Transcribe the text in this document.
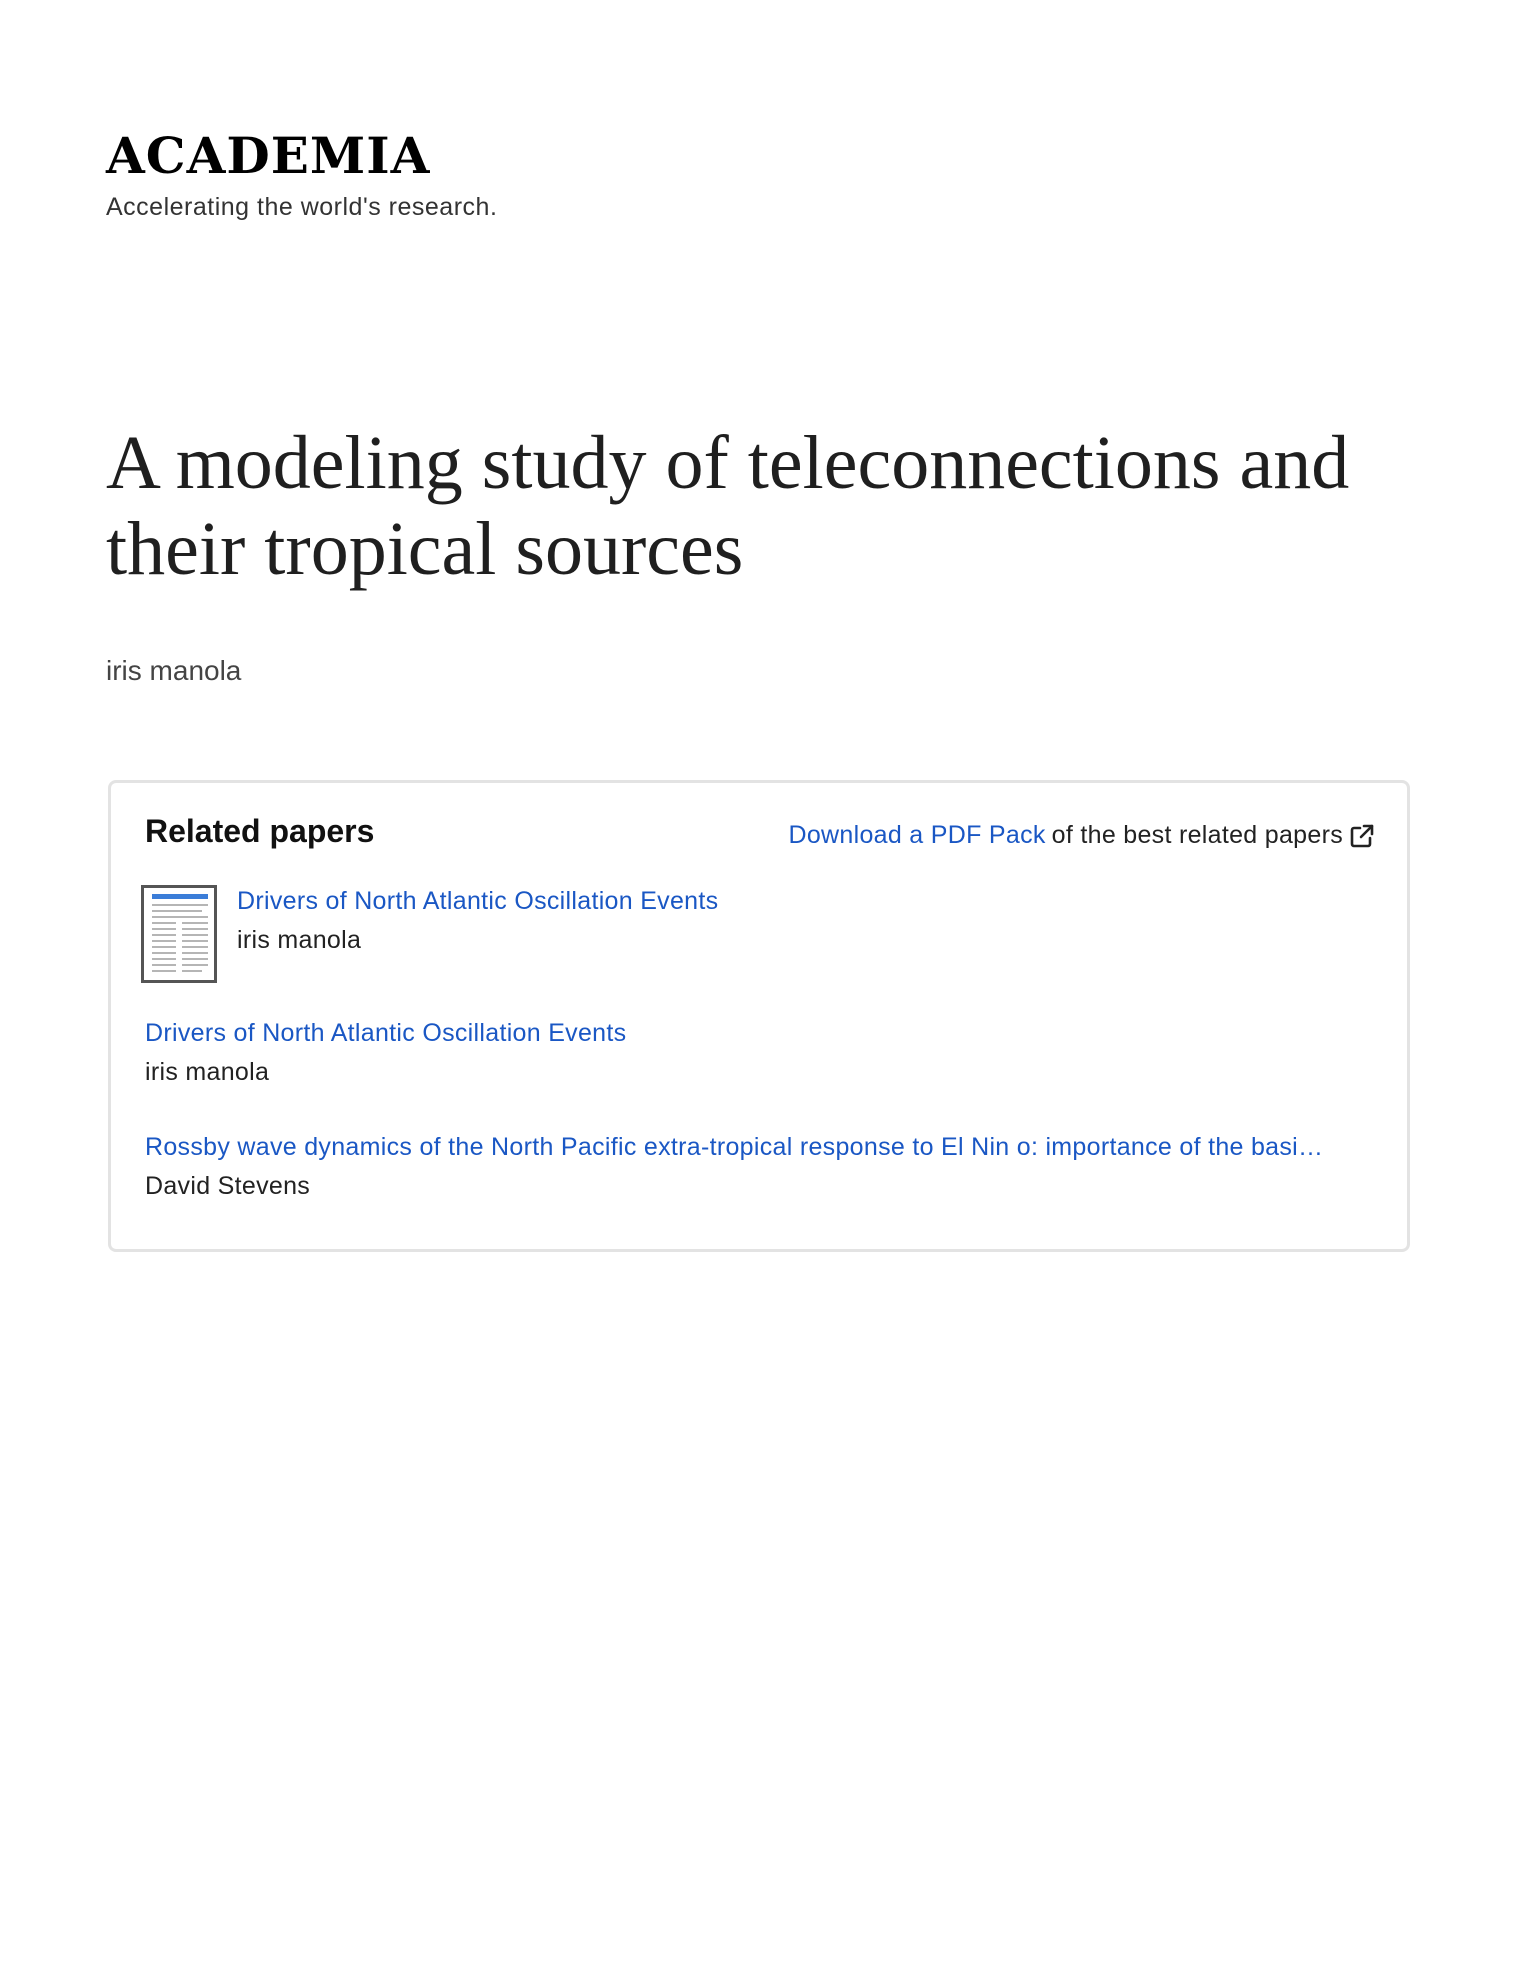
ACADEMIA
Accelerating the world's research.
A modeling study of teleconnections and their tropical sources
iris manola
Related papers	Download a PDF Pack of the best related papers
Drivers of North Atlantic Oscillation Events
iris manola
Drivers of North Atlantic Oscillation Events
iris manola
Rossby wave dynamics of the North Pacific extra-tropical response to El Nin o: importance of the basi…
David Stevens
